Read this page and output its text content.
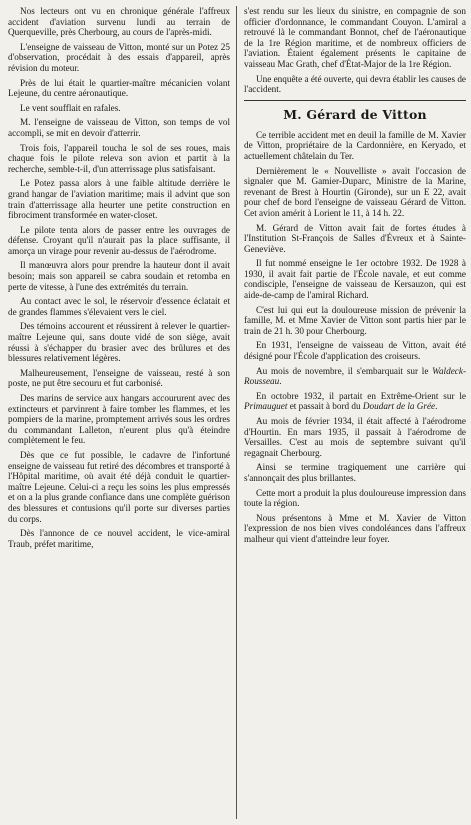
Nos lecteurs ont vu en chronique générale l'affreux accident d'aviation survenu lundi au terrain de Querqueville, près Cherbourg, au cours de l'après-midi.

L'enseigne de vaisseau de Vitton, monté sur un Potez 25 d'observation, procédait à des essais d'appareil, après révision du moteur.

Près de lui était le quartier-maître mécanicien volant Lejeune, du centre aéronautique.

Le vent soufflait en rafales.

M. l'enseigne de vaisseau de Vitton, son temps de vol accompli, se mit en devoir d'atterrir.

Trois fois, l'appareil toucha le sol de ses roues, mais chaque fois le pilote releva son avion et partit à la recherche, semble-t-il, d'un atterrissage plus satisfaisant.

Le Potez passa alors à une faible altitude derrière le grand hangar de l'aviation maritime; mais il advint que son train d'atterrissage alla heurter une petite construction en fibrociment transformée en water-closet.

Le pilote tenta alors de passer entre les ouvrages de défense. Croyant qu'il n'aurait pas la place suffisante, il amorça un virage pour revenir au-dessus de l'aérodrome.

Il manœuvra alors pour prendre la hauteur dont il avait besoin; mais son appareil se cabra soudain et retomba en perte de vitesse, à l'une des extrémités du terrain.

Au contact avec le sol, le réservoir d'essence éclatait et de grandes flammes s'élevaient vers le ciel.

Des témoins accourent et réussirent à relever le quartier-maître Lejeune qui, sans doute vidé de son siège, avait réussi à s'échapper du brasier avec des brûlures et des blessures relativement légères.

Malheureusement, l'enseigne de vaisseau, resté à son poste, ne put être secouru et fut carbonisé.

Des marins de service aux hangars accoururent avec des extincteurs et parvinrent à faire tomber les flammes, et les pompiers de la marine, promptement arrivés sous les ordres du commandant Lalleton, n'eurent plus qu'à éteindre complètement le feu.

Dès que ce fut possible, le cadavre de l'infortuné enseigne de vaisseau fut retiré des décombres et transporté à l'Hôpital maritime, où avait été déjà conduit le quartier-maître Lejeune. Celui-ci a reçu les soins les plus empressés et on a la plus grande confiance dans une complète guérison des blessures et contusions qu'il porte sur diverses parties du corps.

Dès l'annonce de ce nouvel accident, le vice-amiral Traub, préfet maritime,

s'est rendu sur les lieux du sinistre, en compagnie de son officier d'ordonnance, le commandant Couyon. L'amiral a retrouvé là le commandant Bonnot, chef de l'aéronautique de la 1re Région maritime, et de nombreux officiers de l'aviation. Étaient également présents le capitaine de vaisseau Mac Grath, chef d'État-Major de la 1re Région.

Une enquête a été ouverte, qui devra établir les causes de l'accident.

M. Gérard de Vitton

Ce terrible accident met en deuil la famille de M. Xavier de Vitton, propriétaire de la Cardonnière, en Keryado, et actuellement châtelain du Ter.

Dernièrement le « Nouvelliste » avait l'occasion de signaler que M. Gamier-Duparc, Ministre de la Marine, revenant de Brest à Hourtin (Gironde), sur un E 22, avait pour chef de bord l'enseigne de vaisseau Gérard de Vitton. Cet avion amérit à Lorient le 11, à 14 h. 22.

M. Gérard de Vitton avait fait de fortes études à l'Institution St-François de Salles d'Évreux et à Sainte-Geneviève.

Il fut nommé enseigne le 1er octobre 1932. De 1928 à 1930, il avait fait partie de l'École navale, et eut comme condisciple, l'enseigne de vaisseau de Kersauzon, qui est aide-de-camp de l'amiral Richard.

C'est lui qui eut la douloureuse mission de prévenir la famille, M. et Mme Xavier de Vitton sont partis hier par le train de 21 h. 30 pour Cherbourg.

En 1931, l'enseigne de vaisseau de Vitton, avait été désigné pour l'École d'application des croiseurs.

Au mois de novembre, il s'embarquait sur le Waldeck-Rousseau.

En octobre 1932, il partait en Extrême-Orient sur le Primauguet et passait à bord du Doudart de la Grée.

Au mois de février 1934, il était affecté à l'aérodrome d'Hourtin. En mars 1935, il passait à l'aérodrome de Versailles. C'est au mois de septembre suivant qu'il regagnait Cherbourg.

Ainsi se termine tragiquement une carrière qui s'annonçait des plus brillantes.

Cette mort a produit la plus douloureuse impression dans toute la région.

Nous présentons à Mme et M. Xavier de Vitton l'expression de nos bien vives condoléances dans l'affreux malheur qui vient d'atteindre leur foyer.
